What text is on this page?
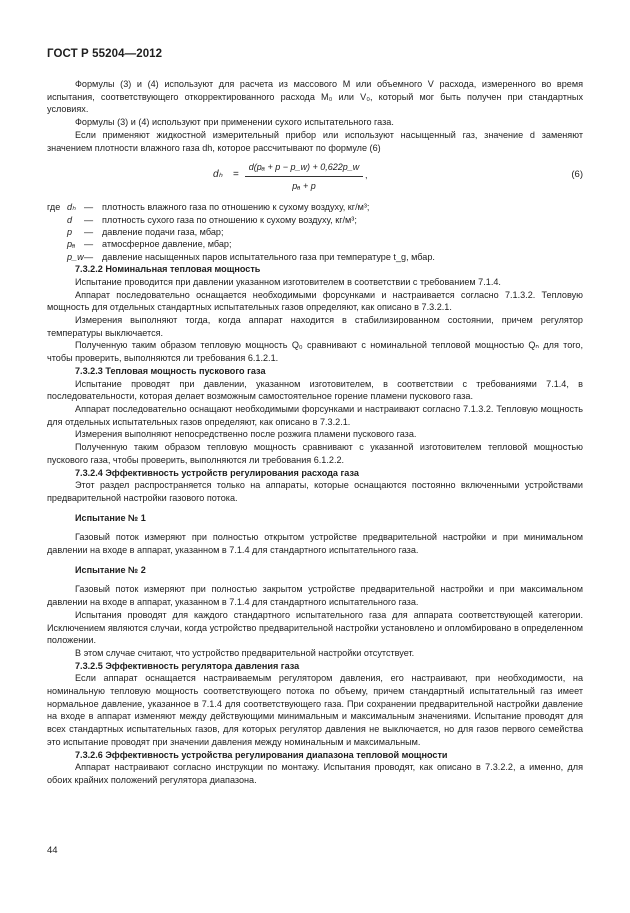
ГОСТ Р 55204—2012

Формулы (3) и (4) используют для расчета из массового M или объемного V расхода, измеренного во время испытания, соответствующего откорректированного расхода M₀ или V₀, который мог быть получен при стандартных условиях.

Формулы (3) и (4) используют при применении сухого испытательного газа.

Если применяют жидкостной измерительный прибор или используют насыщенный газ, значение d заменяют значением плотности влажного газа dh, которое рассчитывают по формуле (6)

$d_h = \frac{\text{d(pₐ + p − p\_w) + 0,622p\_w}}{\text{pₐ + p}}$ ,	(6)
где	dₕ	—	плотность влажного газа по отношению к сухому воздуху, кг/м³;
	d	—	плотность сухого газа по отношению к сухому воздуху, кг/м³;
	p	—	давление подачи газа, мбар;
	pₐ	—	атмосферное давление, мбар;
	p_w	—	давление насыщенных паров испытательного газа при температуре t_g, мбар.

7.3.2.2 Номинальная тепловая мощность

Испытание проводится при давлении указанном изготовителем в соответствии с требованием 7.1.4.

Аппарат последовательно оснащается необходимыми форсунками и настраивается согласно 7.1.3.2. Тепловую мощность для отдельных стандартных испытательных газов определяют, как описано в 7.3.2.1.

Измерения выполняют тогда, когда аппарат находится в стабилизированном состоянии, причем регулятор температуры выключается.

Полученную таким образом тепловую мощность Q₀ сравнивают с номинальной тепловой мощностью Qₙ для того, чтобы проверить, выполняются ли требования 6.1.2.1.

7.3.2.3 Тепловая мощность пускового газа

Испытание проводят при давлении, указанном изготовителем, в соответствии с требованиями 7.1.4, в последовательности, которая делает возможным самостоятельное горение пламени пускового газа.

Аппарат последовательно оснащают необходимыми форсунками и настраивают согласно 7.1.3.2. Тепловую мощность для отдельных испытательных газов определяют, как описано в 7.3.2.1.

Измерения выполняют непосредственно после розжига пламени пускового газа.

Полученную таким образом тепловую мощность сравнивают с указанной изготовителем тепловой мощностью пускового газа, чтобы проверить, выполняются ли требования 6.1.2.2.

7.3.2.4 Эффективность устройств регулирования расхода газа

Этот раздел распространяется только на аппараты, которые оснащаются постоянно включенными устройствами предварительной настройки газового потока.

Испытание № 1

Газовый поток измеряют при полностью открытом устройстве предварительной настройки и при минимальном давлении на входе в аппарат, указанном в 7.1.4 для стандартного испытательного газа.

Испытание № 2

Газовый поток измеряют при полностью закрытом устройстве предварительной настройки и при максимальном давлении на входе в аппарат, указанном в 7.1.4 для стандартного испытательного газа.

Испытания проводят для каждого стандартного испытательного газа для аппарата соответствующей категории. Исключением являются случаи, когда устройство предварительной настройки установлено и опломбировано в определенном положении.

В этом случае считают, что устройство предварительной настройки отсутствует.

7.3.2.5 Эффективность регулятора давления газа

Если аппарат оснащается настраиваемым регулятором давления, его настраивают, при необходимости, на номинальную тепловую мощность соответствующего потока по объему, причем стандартный испытательный газ имеет нормальное давление, указанное в 7.1.4 для соответствующего газа. При сохранении предварительной настройки давление на входе в аппарат изменяют между действующими минимальным и максимальным значениями. Испытание проводят для всех стандартных испытательных газов, для которых регулятор давления не выключается, но для газов первого семейства это испытание проводят при значении давления между номинальным и максимальным.

7.3.2.6 Эффективность устройства регулирования диапазона тепловой мощности

Аппарат настраивают согласно инструкции по монтажу. Испытания проводят, как описано в 7.3.2.2, а именно, для обоих крайних положений регулятора диапазона.

44
